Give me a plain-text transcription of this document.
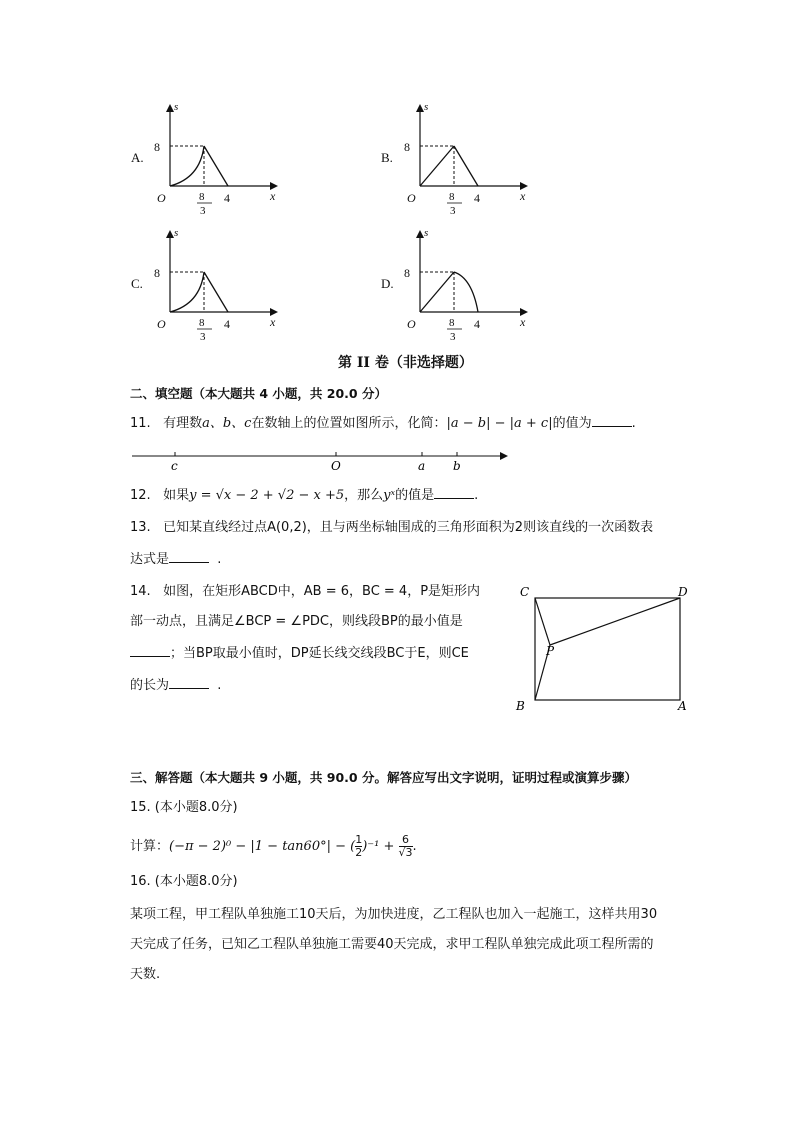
A.	B.
C.	D.
s
x
O
8
8
3
4
s
x
O
8
8
3
4
s
x
O
8
8
3
4
s
x
O
8
8
3
4
第 II 卷（非选择题）
二、填空题（本大题共 4 小题，共 20.0 分）
11. 有理数a、b、c在数轴上的位置如图所示，化简：|a − b| − |a + c|的值为	.
c	O	a b
12. 如果y = √x − 2 + √2 − x +5，那么yˣ的值是	.
13. 已知某直线经过点A(0,2)，且与两坐标轴围成的三角形面积为2则该直线的一次函数表
达式是	.
14. 如图，在矩形ABCD中，AB = 6，BC = 4，P是矩形内
部一动点，且满足∠BCP = ∠PDC，则线段BP的最小值是
；当BP取最小值时，DP延长线交线段BC于E，则CE
的长为	.
C	D
P
B	A
三、解答题（本大题共 9 小题，共 90.0 分。解答应写出文字说明，证明过程或演算步骤）
15. (本小题8.0分)
计算：(−π − 2)⁰ − |1 − tan60°| − ( $\frac{1}{2} )^{-1} + \frac{6}{√3}$ .
16. (本小题8.0分)
某项工程，甲工程队单独施工10天后，为加快进度，乙工程队也加入一起施工，这样共用30
天完成了任务，已知乙工程队单独施工需要40天完成，求甲工程队单独完成此项工程所需的
天数.
